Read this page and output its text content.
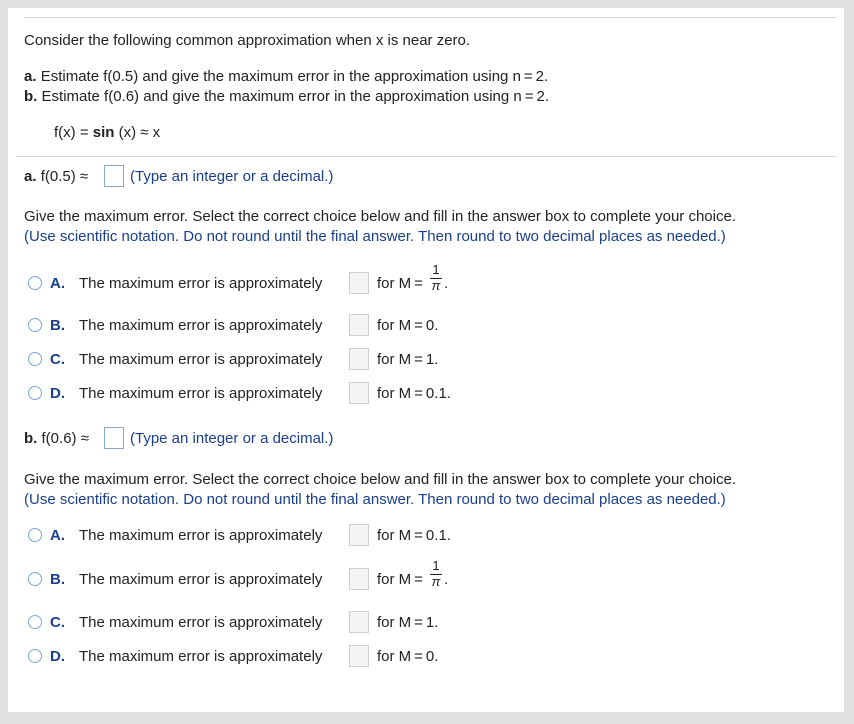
Consider the following common approximation when x is near zero.
a. Estimate f(0.5) and give the maximum error in the approximation using n = 2.
b. Estimate f(0.6) and give the maximum error in the approximation using n = 2.
f(x) = sin (x) ≈ x
a. f(0.5) ≈	(Type an integer or a decimal.)
Give the maximum error. Select the correct choice below and fill in the answer box to complete your choice.
(Use scientific notation. Do not round until the final answer. Then round to two decimal places as needed.)
A. The maximum error is approximately	for $M = \frac{1}{\pi}$ .
B. The maximum error is approximately	for M = 0.
C. The maximum error is approximately	for M = 1.
D. The maximum error is approximately	for M = 0.1.
b. f(0.6) ≈	(Type an integer or a decimal.)
Give the maximum error. Select the correct choice below and fill in the answer box to complete your choice.
(Use scientific notation. Do not round until the final answer. Then round to two decimal places as needed.)
A. The maximum error is approximately	for M = 0.1.
B. The maximum error is approximately	for $M = \frac{1}{\pi}$ .
C. The maximum error is approximately	for M = 1.
D. The maximum error is approximately	for M = 0.
